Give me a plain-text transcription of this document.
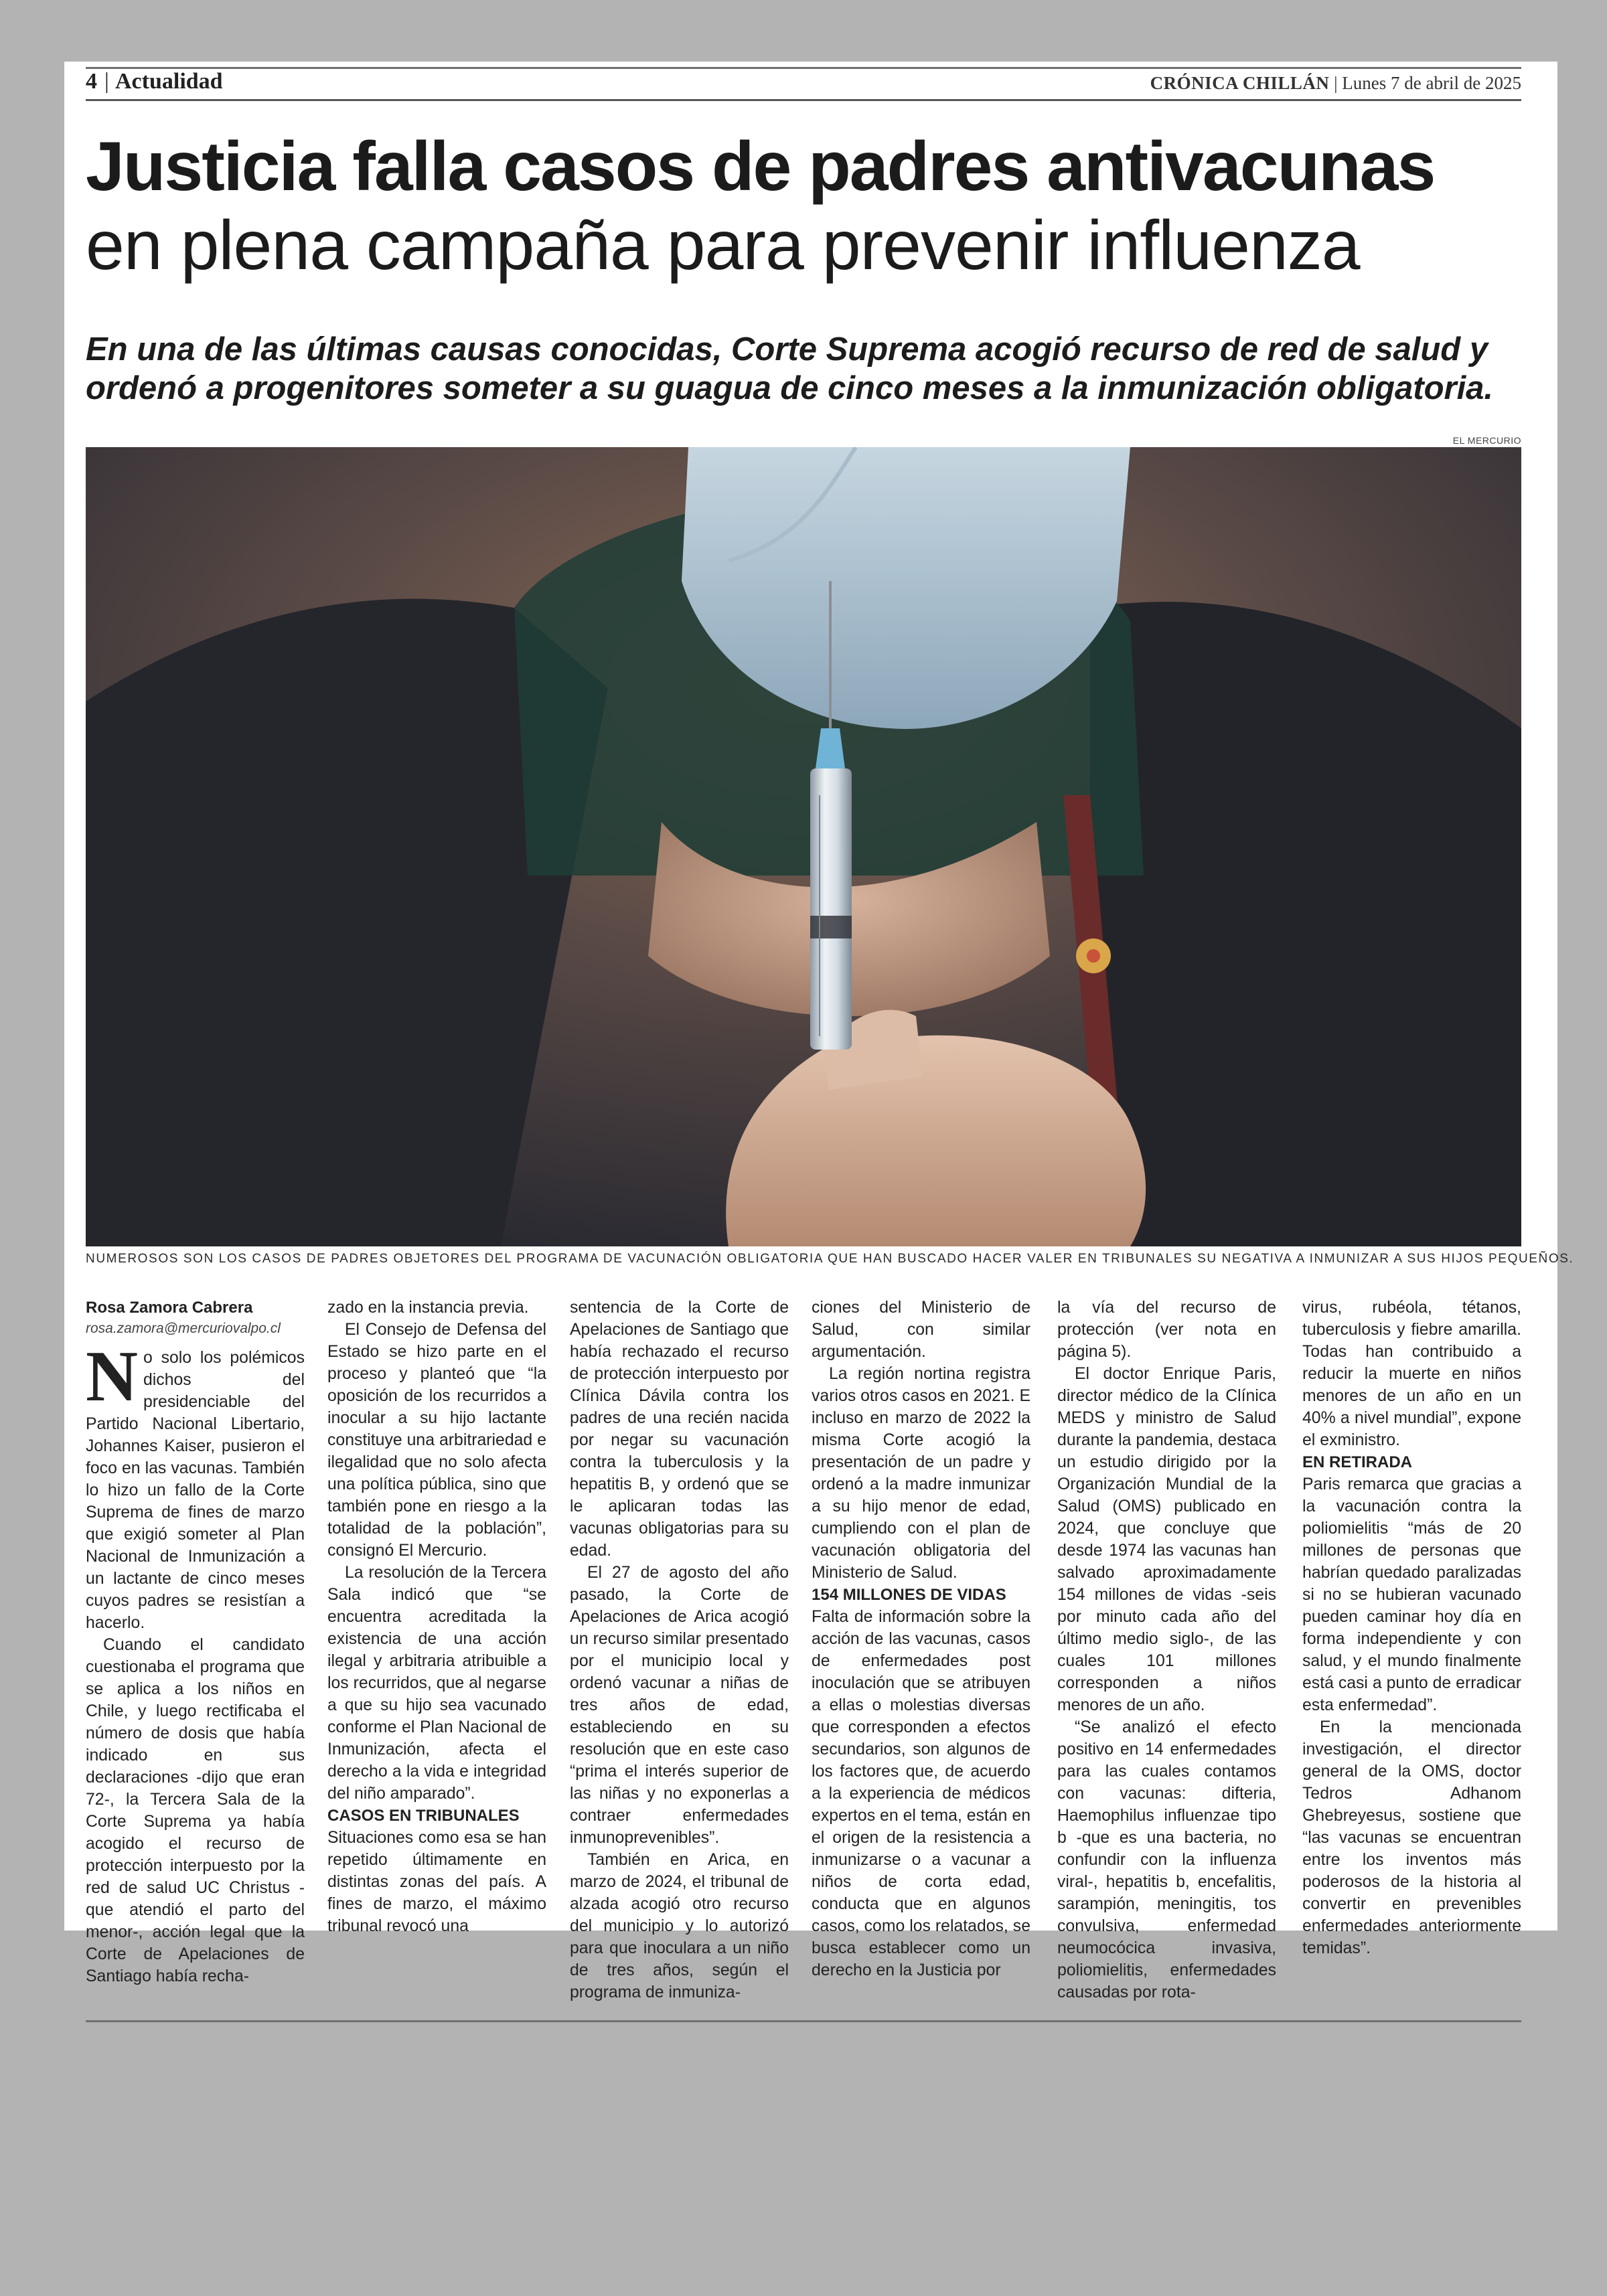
4 | Actualidad	CRÓNICA CHILLÁN | Lunes 7 de abril de 2025
Justicia falla casos de padres antivacunas
en plena campaña para prevenir influenza
En una de las últimas causas conocidas, Corte Suprema acogió recurso de red de salud y
ordenó a progenitores someter a su guagua de cinco meses a la inmunización obligatoria.
EL MERCURIO
NUMEROSOS SON LOS CASOS DE PADRES OBJETORES DEL PROGRAMA DE VACUNACIÓN OBLIGATORIA QUE HAN BUSCADO HACER VALER EN TRIBUNALES SU NEGATIVA A INMUNIZAR A SUS HIJOS PEQUEÑOS.

Rosa Zamora Cabrera

rosa.zamora@mercuriovalpo.cl

No solo los polémicos dichos del presidenciable del Partido Nacional Libertario, Johannes Kaiser, pusieron el foco en las vacunas. También lo hizo un fallo de la Corte Suprema de fines de marzo que exigió someter al Plan Nacional de Inmunización a un lactante de cinco meses cuyos padres se resistían a hacerlo.

Cuando el candidato cuestionaba el programa que se aplica a los niños en Chile, y luego rectificaba el número de dosis que había indicado en sus declaraciones -dijo que eran 72-, la Tercera Sala de la Corte Suprema ya había acogido el recurso de protección interpuesto por la red de salud UC Christus -que atendió el parto del menor-, acción legal que la Corte de Apelaciones de Santiago había recha-

zado en la instancia previa.

El Consejo de Defensa del Estado se hizo parte en el proceso y planteó que “la oposición de los recurridos a inocular a su hijo lactante constituye una arbitrariedad e ilegalidad que no solo afecta una política pública, sino que también pone en riesgo a la totalidad de la población”, consignó El Mercurio.

La resolución de la Tercera Sala indicó que “se encuentra acreditada la existencia de una acción ilegal y arbitraria atribuible a los recurridos, que al negarse a que su hijo sea vacunado conforme el Plan Nacional de Inmunización, afecta el derecho a la vida e integridad del niño amparado”.

CASOS EN TRIBUNALES

Situaciones como esa se han repetido últimamente en distintas zonas del país. A fines de marzo, el máximo tribunal revocó una

sentencia de la Corte de Apelaciones de Santiago que había rechazado el recurso de protección interpuesto por Clínica Dávila contra los padres de una recién nacida por negar su vacunación contra la tuberculosis y la hepatitis B, y ordenó que se le aplicaran todas las vacunas obligatorias para su edad.

El 27 de agosto del año pasado, la Corte de Apelaciones de Arica acogió un recurso similar presentado por el municipio local y ordenó vacunar a niñas de tres años de edad, estableciendo en su resolución que en este caso “prima el interés superior de las niñas y no exponerlas a contraer enfermedades inmunoprevenibles”.

También en Arica, en marzo de 2024, el tribunal de alzada acogió otro recurso del municipio y lo autorizó para que inoculara a un niño de tres años, según el programa de inmuniza-

ciones del Ministerio de Salud, con similar argumentación.

La región nortina registra varios otros casos en 2021. E incluso en marzo de 2022 la misma Corte acogió la presentación de un padre y ordenó a la madre inmunizar a su hijo menor de edad, cumpliendo con el plan de vacunación obligatoria del Ministerio de Salud.

154 MILLONES DE VIDAS

Falta de información sobre la acción de las vacunas, casos de enfermedades post inoculación que se atribuyen a ellas o molestias diversas que corresponden a efectos secundarios, son algunos de los factores que, de acuerdo a la experiencia de médicos expertos en el tema, están en el origen de la resistencia a inmunizarse o a vacunar a niños de corta edad, conducta que en algunos casos, como los relatados, se busca establecer como un derecho en la Justicia por

la vía del recurso de protección (ver nota en página 5).

El doctor Enrique Paris, director médico de la Clínica MEDS y ministro de Salud durante la pandemia, destaca un estudio dirigido por la Organización Mundial de la Salud (OMS) publicado en 2024, que concluye que desde 1974 las vacunas han salvado aproximadamente 154 millones de vidas -seis por minuto cada año del último medio siglo-, de las cuales 101 millones corresponden a niños menores de un año.

“Se analizó el efecto positivo en 14 enfermedades para las cuales contamos con vacunas: difteria, Haemophilus influenzae tipo b -que es una bacteria, no confundir con la influenza viral-, hepatitis b, encefalitis, sarampión, meningitis, tos convulsiva, enfermedad neumocócica invasiva, poliomielitis, enfermedades causadas por rota-

virus, rubéola, tétanos, tuberculosis y fiebre amarilla. Todas han contribuido a reducir la muerte en niños menores de un año en un 40% a nivel mundial”, expone el exministro.

EN RETIRADA

Paris remarca que gracias a la vacunación contra la poliomielitis “más de 20 millones de personas que habrían quedado paralizadas si no se hubieran vacunado pueden caminar hoy día en forma independiente y con salud, y el mundo finalmente está casi a punto de erradicar esta enfermedad”.

En la mencionada investigación, el director general de la OMS, doctor Tedros Adhanom Ghebreyesus, sostiene que “las vacunas se encuentran entre los inventos más poderosos de la historia al convertir en prevenibles enfermedades anteriormente temidas”.
